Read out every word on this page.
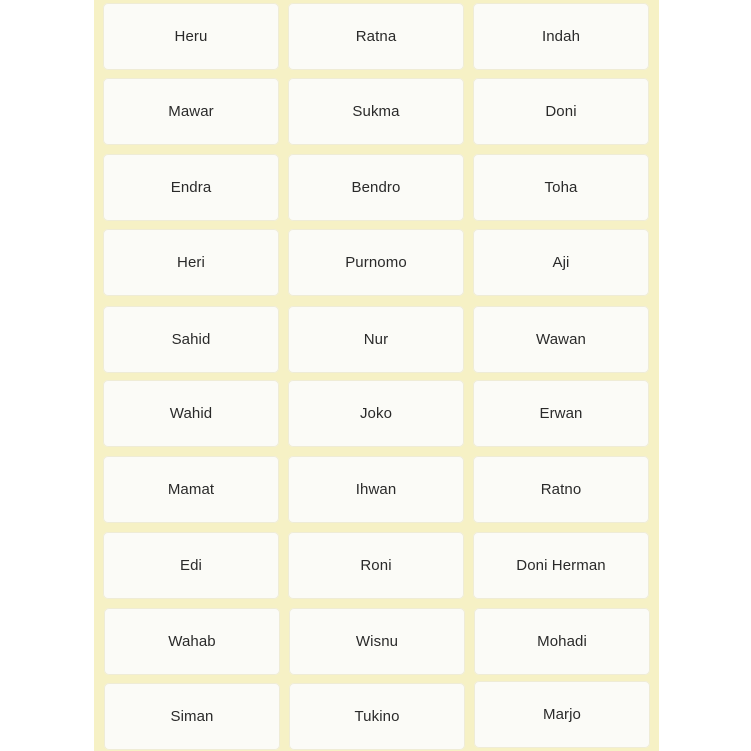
Heru	Ratna	Indah
Mawar	Sukma	Doni
Endra	Bendro	Toha
Heri	Purnomo	Aji
Sahid	Nur	Wawan
Wahid	Joko	Erwan
Mamat	Ihwan	Ratno
Edi	Roni	Doni Herman
Wahab	Wisnu	Mohadi
Siman	Tukino	Marjo
